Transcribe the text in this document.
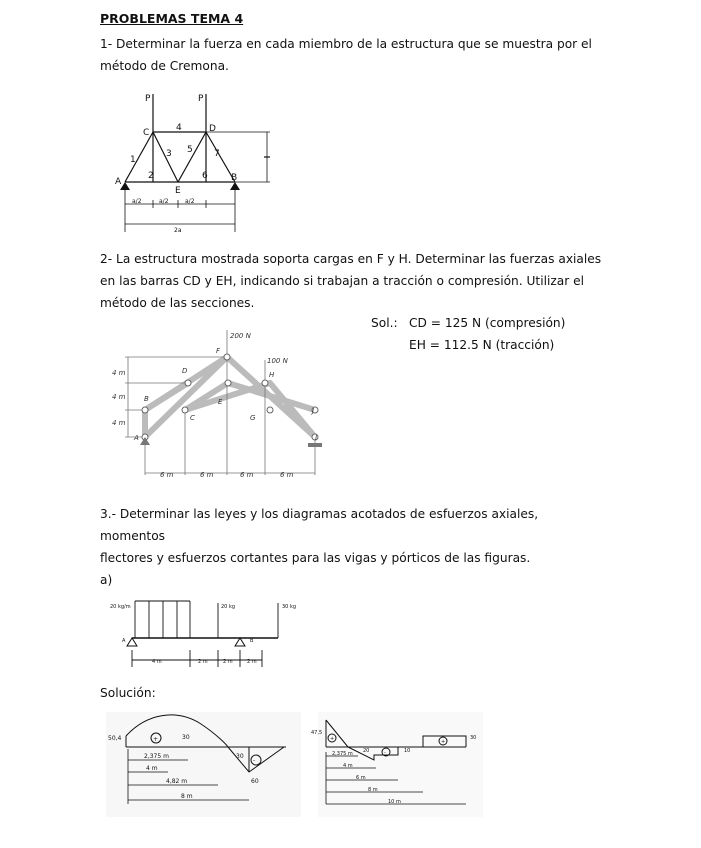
PROBLEMAS TEMA 4
1- Determinar la fuerza en cada miembro de la estructura que se muestra por el
método de Cremona.
P	P
C	D
A	B
E
1
2
3
4
5
6
7
a/2	a/2	a/2
2a
2- La estructura mostrada soporta cargas en F y H. Determinar las fuerzas axiales
en las barras CD y EH, indicando si trabajan a tracción o compresión. Utilizar el
método de las secciones.
Sol.: CD = 125 N (compresión)
EH = 112.5 N (tracción)
200 N
100 N
F
D	H
B	E
J
C	G
A	I
4 m
4 m
4 m
6 m	6 m	6 m	6 m
3.- Determinar las leyes y los diagramas acotados de esfuerzos axiales, momentos
flectores y esfuerzos cortantes para las vigas y pórticos de las figuras.
a)
20 kg/m	20 kg	30 kg
A	B
4 m	2 m	2 m	2 m
Solución:
50,4	+	30
-
30
60
2,375 m
4 m
4,82 m
8 m
47,5
20	10
+
-
+
30
2,375 m
4 m
6 m
8 m
10 m
